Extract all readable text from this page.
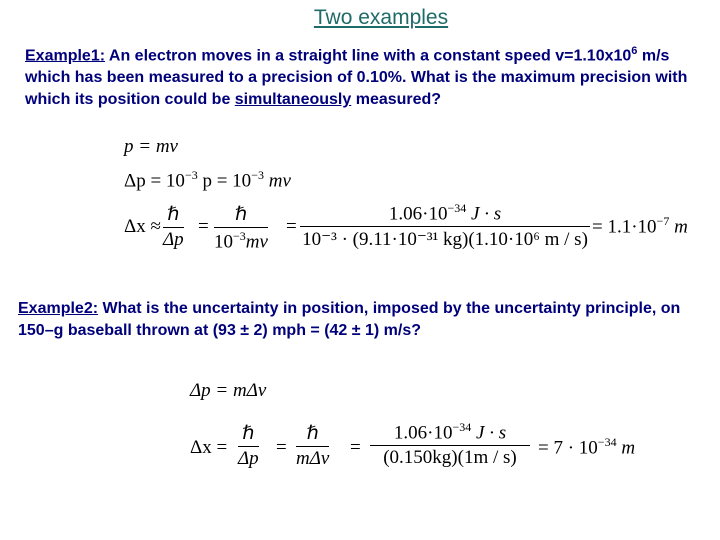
Two examples
Example1: An electron moves in a straight line with a constant speed $v=1.10x10^6$ m/s which has been measured to a precision of 0.10%. What is the maximum precision with which its position could be simultaneously measured?
p = mv
$\Delta p = 10^{-3}$ $p = 10^{-3}$ mv
Δx ≈
ℏ
Δp
=
ℏ
$10^{-3}mv$
= $\frac{1.06\cdot 10^{-34} J \cdot s}{\text{10⁻³ · (9.11·10⁻³¹ kg)(1.10·10⁶ m / s)}} = 1.1\cdot 10^{-7}$ m
Example2: What is the uncertainty in position, imposed by the uncertainty principle, on 150–g baseball thrown at (93 ± 2) mph = (42 ± 1) m/s?
Δp = mΔv
Δx =
ℏ
Δp
=
ℏ
mΔv
= $\frac{1.06\cdot 10^{-34} J \cdot s}{(0.150kg)(1m / s)} = 7 \cdot 10^{-34}$ m
